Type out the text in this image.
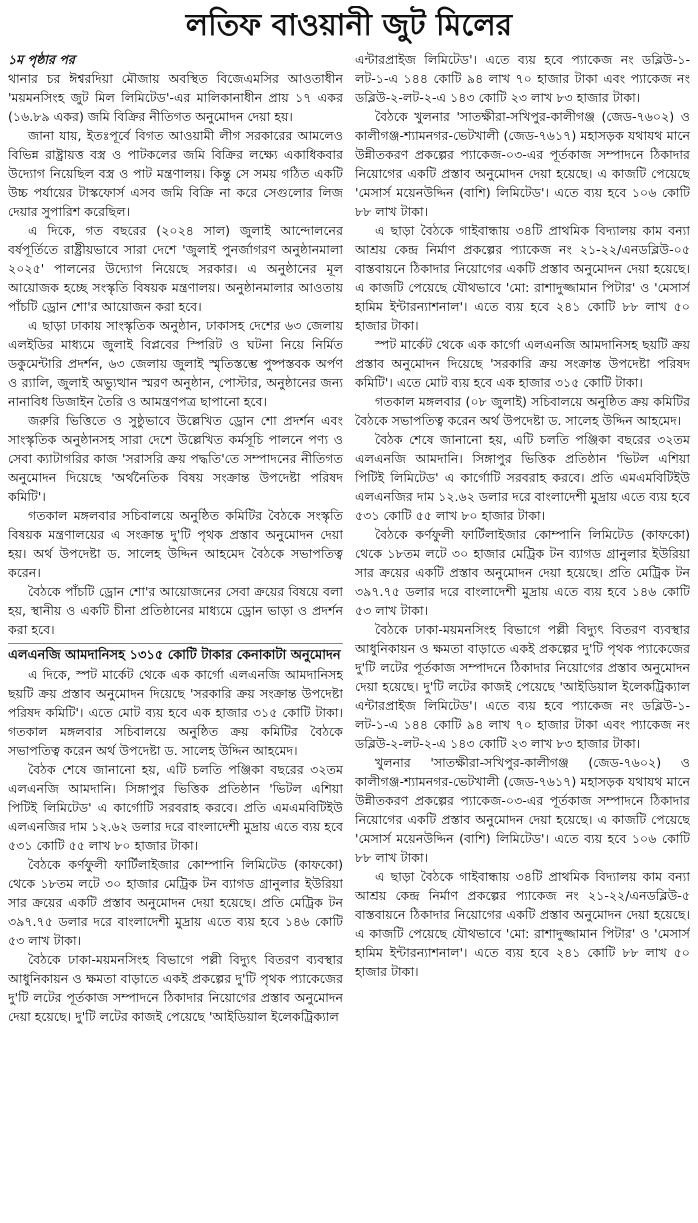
লতিফ বাওয়ানী জুট মিলের

১ম পৃষ্ঠার পর

থানার চর ঈশ্বরদিয়া মৌজায় অবস্থিত বিজেএমসির আওতাধীন 'ময়মনসিংহ জুট মিল লিমিটেড'-এর মালিকানাধীন প্রায় ১৭ একর (১৬.৮৯ একর) জমি বিক্রির নীতিগত অনুমোদন দেয়া হয়।

জানা যায়, ইতঃপূর্বে বিগত আওয়ামী লীগ সরকারের আমলেও বিভিন্ন রাষ্ট্রায়ত্ত বস্ত্র ও পাটকলের জমি বিক্রির লক্ষ্যে একাধিকবার উদ্যোগ নিয়েছিল বস্ত্র ও পাট মন্ত্রণালয়। কিন্তু সে সময় গঠিত একটি উচ্চ পর্যায়ের টাস্কফোর্স এসব জমি বিক্রি না করে সেগুলোর লিজ দেয়ার সুপারিশ করেছিল।

এ দিকে, গত বছরের (২০২৪ সাল) জুলাই আন্দোলনের বর্ষপূর্তিতে রাষ্ট্রীয়ভাবে সারা দেশে 'জুলাই পুনর্জাগরণ অনুষ্ঠানমালা ২০২৫' পালনের উদ্যোগ নিয়েছে সরকার। এ অনুষ্ঠানের মূল আয়োজক হচ্ছে সংস্কৃতি বিষয়ক মন্ত্রণালয়। অনুষ্ঠানমালার আওতায় পাঁচটি ড্রোন শো'র আয়োজন করা হবে।

এ ছাড়া ঢাকায় সাংস্কৃতিক অনুষ্ঠান, ঢাকাসহ দেশের ৬৩ জেলায় এলইডির মাধ্যমে জুলাই বিপ্লবের স্পিরিট ও ঘটনা নিয়ে নির্মিত ডকুমেন্টারি প্রদর্শন, ৬৩ জেলায় জুলাই স্মৃতিস্তম্ভে পুষ্পস্তবক অর্পণ ও র‍্যালি, জুলাই অভ্যুত্থান স্মরণ অনুষ্ঠান, পোস্টার, অনুষ্ঠানের জন্য নানাবিধ ডিজাইন তৈরি ও আমন্ত্রণপত্র ছাপানো হবে।

জরুরি ভিত্তিতে ও সুষ্ঠুভাবে উল্লেখিত ড্রোন শো প্রদর্শন এবং সাংস্কৃতিক অনুষ্ঠানসহ সারা দেশে উল্লেখিত কর্মসূচি পালনে পণ্য ও সেবা ক্যাটাগরির কাজ 'সরাসরি ক্রয় পদ্ধতি'তে সম্পাদনের নীতিগত অনুমোদন দিয়েছে 'অর্থনৈতিক বিষয় সংক্রান্ত উপদেষ্টা পরিষদ কমিটি'।

গতকাল মঙ্গলবার সচিবালয়ে অনুষ্ঠিত কমিটির বৈঠকে সংস্কৃতি বিষয়ক মন্ত্রণালয়ের এ সংক্রান্ত দু'টি পৃথক প্রস্তাব অনুমোদন দেয়া হয়। অর্থ উপদেষ্টা ড. সালেহ উদ্দিন আহমেদ বৈঠকে সভাপতিত্ব করেন।

বৈঠকে পাঁচটি ড্রোন শো'র আয়োজনের সেবা ক্রয়ের বিষয়ে বলা হয়, স্থানীয় ও একটি চীনা প্রতিষ্ঠানের মাধ্যমে ড্রোন ভাড়া ও প্রদর্শন করা হবে।

এলএনজি আমদানিসহ ১৩১৫ কোটি টাকার কেনাকাটা অনুমোদন

এ দিকে, স্পট মার্কেট থেকে এক কার্গো এলএনজি আমদানিসহ ছয়টি ক্রয় প্রস্তাব অনুমোদন দিয়েছে 'সরকারি ক্রয় সংক্রান্ত উপদেষ্টা পরিষদ কমিটি'। এতে মোট ব্যয় হবে এক হাজার ৩১৫ কোটি টাকা। গতকাল মঙ্গলবার সচিবালয়ে অনুষ্ঠিত ক্রয় কমিটির বৈঠকে সভাপতিত্ব করেন অর্থ উপদেষ্টা ড. সালেহ উদ্দিন আহমেদ।

বৈঠক শেষে জানানো হয়, এটি চলতি পঞ্জিকা বছরের ৩২তম এলএনজি আমদানি। সিঙ্গাপুর ভিত্তিক প্রতিষ্ঠান 'ভিটল এশিয়া পিটিই লিমিটেড' এ কার্গোটি সরবরাহ করবে। প্রতি এমএমবিটিইউ এলএনজির দাম ১২.৬২ ডলার দরে বাংলাদেশী মুদ্রায় এতে ব্যয় হবে ৫৩১ কোটি ৫৫ লাখ ৮০ হাজার টাকা।

বৈঠকে কর্ণফুলী ফার্টিলাইজার কোম্পানি লিমিটেড (কাফকো) থেকে ১৮তম লটে ৩০ হাজার মেট্রিক টন ব্যাগড গ্রানুলার ইউরিয়া সার ক্রয়ের একটি প্রস্তাব অনুমোদন দেয়া হয়েছে। প্রতি মেট্রিক টন ৩৯৭.৭৫ ডলার দরে বাংলাদেশী মুদ্রায় এতে ব্যয় হবে ১৪৬ কোটি ৫৩ লাখ টাকা।

বৈঠকে ঢাকা-ময়মনসিংহ বিভাগে পল্লী বিদ্যুৎ বিতরণ ব্যবস্থার আধুনিকায়ন ও ক্ষমতা বাড়াতে একই প্রকল্পের দু'টি পৃথক প্যাকেজের দু'টি লটের পূর্তকাজ সম্পাদনে ঠিকাদার নিয়োগের প্রস্তাব অনুমোদন দেয়া হয়েছে। দু'টি লটের কাজই পেয়েছে 'আইডিয়াল ইলেকট্রিক্যাল

এন্টারপ্রাইজ লিমিটেড'। এতে ব্যয় হবে প্যাকেজ নং ডব্লিউ-১-লট-১-এ ১৪৪ কোটি ৯৪ লাখ ৭০ হাজার টাকা এবং প্যাকেজ নং ডব্লিউ-২-লট-২-এ ১৪৩ কোটি ২৩ লাখ ৮৩ হাজার টাকা।

বৈঠকে খুলনার 'সাতক্ষীরা-সখিপুর-কালীগঞ্জ (জেড-৭৬০২) ও কালীগঞ্জ-শ্যামনগর-ভেটখালী (জেড-৭৬১৭) মহাসড়ক যথাযথ মানে উন্নীতকরণ প্রকল্পের প্যাকেজ-০৩-এর পূর্তকাজ সম্পাদনে ঠিকাদার নিয়োগের একটি প্রস্তাব অনুমোদন দেয়া হয়েছে। এ কাজটি পেয়েছে 'মেসার্স ময়েনউদ্দিন (বাশি) লিমিটেড'। এতে ব্যয় হবে ১০৬ কোটি ৮৮ লাখ টাকা।

এ ছাড়া বৈঠকে গাইবান্ধায় ৩৪টি প্রাথমিক বিদ্যালয় কাম বন্যা আশ্রয় কেন্দ্র নির্মাণ প্রকল্পের প্যাকেজ নং ২১-২২/এনডব্লিউ-০৫ বাস্তবায়নে ঠিকাদার নিয়োগের একটি প্রস্তাব অনুমোদন দেয়া হয়েছে। এ কাজটি পেয়েছে যৌথভাবে 'মো: রাশাদুজ্জামান পিটার' ও 'মেসার্স হামিম ইন্টারন্যাশনাল'। এতে ব্যয় হবে ২৪১ কোটি ৮৮ লাখ ৫০ হাজার টাকা।

স্পট মার্কেট থেকে এক কার্গো এলএনজি আমদানিসহ ছয়টি ক্রয় প্রস্তাব অনুমোদন দিয়েছে 'সরকারি ক্রয় সংক্রান্ত উপদেষ্টা পরিষদ কমিটি'। এতে মোট ব্যয় হবে এক হাজার ৩১৫ কোটি টাকা।

গতকাল মঙ্গলবার (০৮ জুলাই) সচিবালয়ে অনুষ্ঠিত ক্রয় কমিটির বৈঠকে সভাপতিত্ব করেন অর্থ উপদেষ্টা ড. সালেহ উদ্দিন আহমেদ।

বৈঠক শেষে জানানো হয়, এটি চলতি পঞ্জিকা বছরের ৩২তম এলএনজি আমদানি। সিঙ্গাপুর ভিত্তিক প্রতিষ্ঠান 'ভিটল এশিয়া পিটিই লিমিটেড' এ কার্গোটি সরবরাহ করবে। প্রতি এমএমবিটিইউ এলএনজির দাম ১২.৬২ ডলার দরে বাংলাদেশী মুদ্রায় এতে ব্যয় হবে ৫৩১ কোটি ৫৫ লাখ ৮০ হাজার টাকা।

বৈঠকে কর্ণফুলী ফার্টিলাইজার কোম্পানি লিমিটেড (কাফকো) থেকে ১৮তম লটে ৩০ হাজার মেট্রিক টন ব্যাগড গ্রানুলার ইউরিয়া সার ক্রয়ের একটি প্রস্তাব অনুমোদন দেয়া হয়েছে। প্রতি মেট্রিক টন ৩৯৭.৭৫ ডলার দরে বাংলাদেশী মুদ্রায় এতে ব্যয় হবে ১৪৬ কোটি ৫৩ লাখ টাকা।

বৈঠকে ঢাকা-ময়মনসিংহ বিভাগে পল্লী বিদ্যুৎ বিতরণ ব্যবস্থার আধুনিকায়ন ও ক্ষমতা বাড়াতে একই প্রকল্পের দু'টি পৃথক প্যাকেজের দু'টি লটের পূর্তকাজ সম্পাদনে ঠিকাদার নিয়োগের প্রস্তাব অনুমোদন দেয়া হয়েছে। দু'টি লটের কাজই পেয়েছে 'আইডিয়াল ইলেকট্রিক্যাল এন্টারপ্রাইজ লিমিটেড'। এতে ব্যয় হবে প্যাকেজ নং ডব্লিউ-১-লট-১-এ ১৪৪ কোটি ৯৪ লাখ ৭০ হাজার টাকা এবং প্যাকেজ নং ডব্লিউ-২-লট-২-এ ১৪৩ কোটি ২৩ লাখ ৮৩ হাজার টাকা।

খুলনার 'সাতক্ষীরা-সখিপুর-কালীগঞ্জ (জেড-৭৬০২) ও কালীগঞ্জ-শ্যামনগর-ভেটখালী (জেড-৭৬১৭) মহাসড়ক যথাযথ মানে উন্নীতকরণ প্রকল্পের প্যাকেজ-০৩-এর পূর্তকাজ সম্পাদনে ঠিকাদার নিয়োগের একটি প্রস্তাব অনুমোদন দেয়া হয়েছে। এ কাজটি পেয়েছে 'মেসার্স ময়েনউদ্দিন (বাশি) লিমিটেড'। এতে ব্যয় হবে ১০৬ কোটি ৮৮ লাখ টাকা।

এ ছাড়া বৈঠকে গাইবান্ধায় ৩৪টি প্রাথমিক বিদ্যালয় কাম বন্যা আশ্রয় কেন্দ্র নির্মাণ প্রকল্পের প্যাকেজ নং ২১-২২/এনডব্লিউ-৫ বাস্তবায়নে ঠিকাদার নিয়োগের একটি প্রস্তাব অনুমোদন দেয়া হয়েছে। এ কাজটি পেয়েছে যৌথভাবে 'মো: রাশাদুজ্জামান পিটার' ও 'মেসার্স হামিম ইন্টারন্যাশনাল'। এতে ব্যয় হবে ২৪১ কোটি ৮৮ লাখ ৫০ হাজার টাকা।
